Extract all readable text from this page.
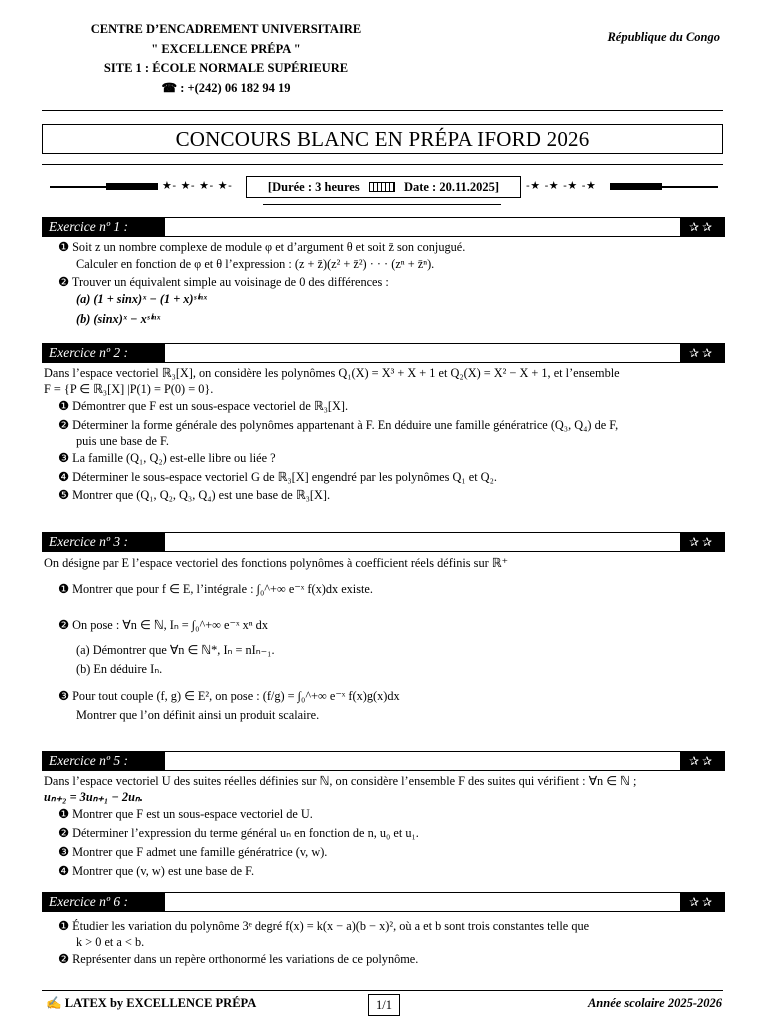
CENTRE D’ENCADREMENT UNIVERSITAIRE
" EXCELLENCE PRÉPA "
SITE 1 : ÉCOLE NORMALE SUPÉRIEURE
☎ : +(242) 06 182 94 19
République du Congo
CONCOURS BLANC EN PRÉPA IFORD 2026
★- ★- ★- ★-	[Durée : 3 heures	Date : 20.11.2025]	-★ -★ -★ -★
Exercice nº 1 :	✰✰
❶ Soit z un nombre complexe de module φ et d’argument θ et soit z̄ son conjugué.
Calculer en fonction de φ et θ l’expression : (z + z̄)(z² + z̄²) · · · (zⁿ + z̄ⁿ).
❷ Trouver un équivalent simple au voisinage de 0 des différences :
(a) (1 + sinx)ˣ − (1 + x)ˢⁱⁿˣ
(b) (sinx)ˣ − xˢⁱⁿˣ
Exercice nº 2 :	✰✰
Dans l’espace vectoriel ℝ₃[X], on considère les polynômes Q₁(X) = X³ + X + 1 et Q₂(X) = X² − X + 1, et l’ensemble
F = {P ∈ ℝ₃[X] |P(1) = P(0) = 0}.
❶ Démontrer que F est un sous-espace vectoriel de ℝ₃[X].
❷ Déterminer la forme générale des polynômes appartenant à F. En déduire une famille génératrice (Q₃, Q₄) de F,
puis une base de F.
❸ La famille (Q₁, Q₂) est-elle libre ou liée ?
❹ Déterminer le sous-espace vectoriel G de ℝ₃[X] engendré par les polynômes Q₁ et Q₂.
❺ Montrer que (Q₁, Q₂, Q₃, Q₄) est une base de ℝ₃[X].
Exercice nº 3 :	✰✰
On désigne par E l’espace vectoriel des fonctions polynômes à coefficient réels définis sur ℝ⁺
❶ Montrer que pour f ∈ E, l’intégrale : ∫₀^+∞ e⁻ˣ f(x)dx existe.
❷ On pose : ∀n ∈ ℕ, Iₙ = ∫₀^+∞ e⁻ˣ xⁿ dx
(a) Démontrer que ∀n ∈ ℕ*, Iₙ = nIₙ₋₁.
(b) En déduire Iₙ.
❸ Pour tout couple (f, g) ∈ E², on pose : (f/g) = ∫₀^+∞ e⁻ˣ f(x)g(x)dx
Montrer que l’on définit ainsi un produit scalaire.
Exercice nº 5 :	✰✰
Dans l’espace vectoriel U des suites réelles définies sur ℕ, on considère l’ensemble F des suites qui vérifient : ∀n ∈ ℕ ;
uₙ₊₂ = 3uₙ₊₁ − 2uₙ.
❶ Montrer que F est un sous-espace vectoriel de U.
❷ Déterminer l’expression du terme général uₙ en fonction de n, u₀ et u₁.
❸ Montrer que F admet une famille génératrice (v, w).
❹ Montrer que (v, w) est une base de F.
Exercice nº 6 :	✰✰
❶ Étudier les variation du polynôme 3ᵉ degré f(x) = k(x − a)(b − x)², où a et b sont trois constantes telle que
k > 0 et a < b.
❷ Représenter dans un repère orthonormé les variations de ce polynôme.
✍ LATEX by EXCELLENCE PRÉPA	1/1	Année scolaire 2025-2026
